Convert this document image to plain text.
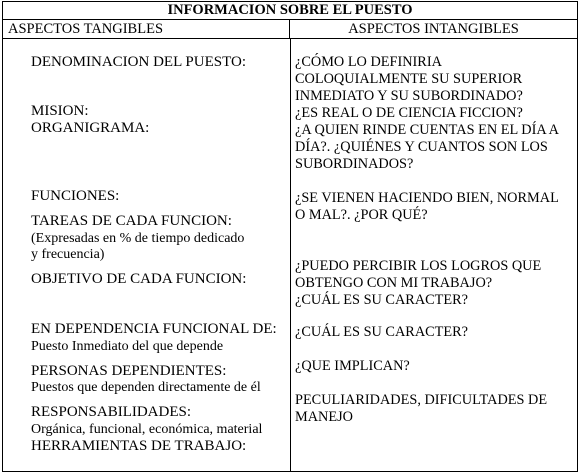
INFORMACION SOBRE EL PUESTO
ASPECTOS TANGIBLES	ASPECTOS INTANGIBLES
DENOMINACION DEL PUESTO:
MISION:
ORGANIGRAMA:
FUNCIONES:
TAREAS DE CADA FUNCION:
(Expresadas en % de tiempo dedicado
y frecuencia)
OBJETIVO DE CADA FUNCION:
EN DEPENDENCIA FUNCIONAL DE:
Puesto Inmediato del que depende
PERSONAS DEPENDIENTES:
Puestos que dependen directamente de él
RESPONSABILIDADES:
Orgánica, funcional, económica, material
HERRAMIENTAS DE TRABAJO:
¿CÓMO LO DEFINIRIA
COLOQUIALMENTE SU SUPERIOR
INMEDIATO Y SU SUBORDINADO?
¿ES REAL O DE CIENCIA FICCION?
¿A QUIEN RINDE CUENTAS EN EL DÍA A
DÍA?. ¿QUIÉNES Y CUANTOS SON LOS
SUBORDINADOS?
¿SE VIENEN HACIENDO BIEN, NORMAL
O MAL?. ¿POR QUÉ?
¿PUEDO PERCIBIR LOS LOGROS QUE
OBTENGO CON MI TRABAJO?
¿CUÁL ES SU CARACTER?
¿CUÁL ES SU CARACTER?
¿QUE IMPLICAN?
PECULIARIDADES, DIFICULTADES DE
MANEJO
